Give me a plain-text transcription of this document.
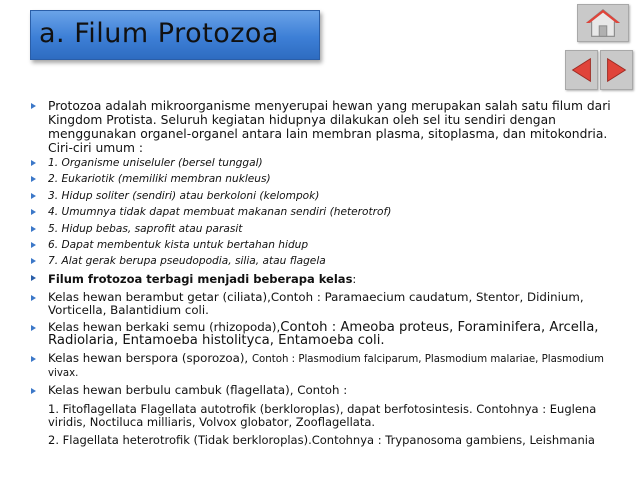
a. Filum Protozoa
Protozoa adalah mikroorganisme menyerupai hewan yang merupakan salah satu filum dari Kingdom Protista. Seluruh kegiatan hidupnya dilakukan oleh sel itu sendiri dengan menggunakan organel-organel antara lain membran plasma, sitoplasma, dan mitokondria. Ciri-ciri umum :
1. Organisme uniseluler (bersel tunggal)
2. Eukariotik (memiliki membran nukleus)
3. Hidup soliter (sendiri) atau berkoloni (kelompok)
4. Umumnya tidak dapat membuat makanan sendiri (heterotrof)
5. Hidup bebas, saprofit atau parasit
6. Dapat membentuk kista untuk bertahan hidup
7. Alat gerak berupa pseudopodia, silia, atau flagela
Filum frotozoa terbagi menjadi beberapa kelas:
Kelas hewan berambut getar (ciliata),Contoh : Paramaecium caudatum, Stentor, Didinium, Vorticella, Balantidium coli.
Kelas hewan berkaki semu (rhizopoda),Contoh : Ameoba proteus, Foraminifera, Arcella, Radiolaria, Entamoeba histolityca, Entamoeba coli.
Kelas hewan berspora (sporozoa), Contoh : Plasmodium falciparum, Plasmodium malariae, Plasmodium vivax.
Kelas hewan berbulu cambuk (flagellata), Contoh :
1. Fitoflagellata Flagellata autotrofik (berkloroplas), dapat berfotosintesis. Contohnya : Euglena viridis, Noctiluca milliaris, Volvox globator, Zooflagellata.
2. Flagellata heterotrofik (Tidak berkloroplas).Contohnya : Trypanosoma gambiens, Leishmania
